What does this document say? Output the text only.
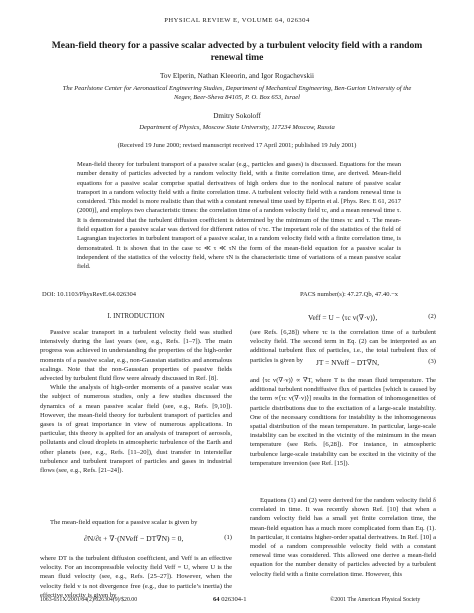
PHYSICAL REVIEW E, VOLUME 64, 026304
Mean-field theory for a passive scalar advected by a turbulent velocity field with a random renewal time
Tov Elperin, Nathan Kleeorin, and Igor Rogachevskii
The Pearlstone Center for Aeronautical Engineering Studies, Department of Mechanical Engineering, Ben-Gurion University of the Negev, Beer-Sheva 84105, P. O. Box 653, Israel
Dmitry Sokoloff
Department of Physics, Moscow State University, 117234 Moscow, Russia
(Received 19 June 2000; revised manuscript received 17 April 2001; published 19 July 2001)

Mean-field theory for turbulent transport of a passive scalar (e.g., particles and gases) is discussed. Equations for the mean number density of particles advected by a random velocity field, with a finite correlation time, are derived. Mean-field equations for a passive scalar comprise spatial derivatives of high orders due to the nonlocal nature of passive scalar transport in a random velocity field with a finite correlation time. A turbulent velocity field with a random renewal time is considered. This model is more realistic than that with a constant renewal time used by Elperin et al. [Phys. Rev. E 61, 2617 (2000)], and employs two characteristic times: the correlation time of a random velocity field τc, and a mean renewal time τ. It is demonstrated that the turbulent diffusion coefficient is determined by the minimum of the times τc and τ. The mean-field equation for a passive scalar was derived for different ratios of τ/τc. The important role of the statistics of the field of Lagrangian trajectories in turbulent transport of a passive scalar, in a random velocity field with a finite correlation time, is demonstrated. It is shown that in the case τc ≪ τ ≪ τN the form of the mean-field equation for a passive scalar is independent of the statistics of the velocity field, where τN is the characteristic time of variations of a mean passive scalar field.

DOI: 10.1103/PhysRevE.64.026304	PACS number(s): 47.27.Qb, 47.40.−x
I. INTRODUCTION

Passive scalar transport in a turbulent velocity field was studied intensively during the last years (see, e.g., Refs. [1–7]). The main progress was achieved in understanding the properties of the high-order moments of a passive scalar, e.g., non-Gaussian statistics and anomalous scalings. Note that the non-Gaussian properties of passive fields advected by turbulent fluid flow were already discussed in Ref. [8].

While the analysis of high-order moments of a passive scalar was the subject of numerous studies, only a few studies discussed the dynamics of a mean passive scalar field (see, e.g., Refs. [9,10]). However, the mean-field theory for turbulent transport of particles and gases is of great importance in view of numerous applications. In particular, this theory is applied for an analysis of transport of aerosols, pollutants and cloud droplets in atmospheric turbulence of the Earth and other planets (see, e.g., Refs. [11–20]), dust transfer in interstellar turbulence and turbulent transport of particles and gases in industrial flows (see, e.g., Refs. [21–24]).

The mean-field equation for a passive scalar is given by

∂N/∂t + ∇·(NVeff − DT∇N) = 0,	(1)

where DT is the turbulent diffusion coefficient, and Veff is an effective velocity. For an incompressible velocity field Veff = U, where U is the mean fluid velocity (see, e.g., Refs. [25–27]). However, when the velocity field v is not divergence free (e.g., due to particle’s inertia) the effective velocity is given by

Veff = U − ⟨τc v(∇·v)⟩,	(2)

(see Refs. [6,28]) where τc is the correlation time of a turbulent velocity field. The second term in Eq. (2) can be interpreted as an additional turbulent flux of particles, i.e., the total turbulent flux of particles is given by	JT = NVeff − DT∇N,	(3)

and ⟨τc v(∇·v)⟩ ∝ ∇T, where T is the mean fluid temperature. The additional turbulent nondiffusive flux of particles [which is caused by the term ∝⟨τc v(∇·v)⟩] results in the formation of inhomogeneities of particle distributions due to the excitation of a large-scale instability. One of the necessary conditions for instability is the inhomogeneous spatial distribution of the mean temperature. In particular, large-scale instability can be excited in the vicinity of the minimum in the mean temperature (see Refs. [6,28]). For instance, in atmospheric turbulence large-scale instability can be excited in the vicinity of the temperature inversion (see Ref. [15]).

Equations (1) and (2) were derived for the random velocity field δ correlated in time. It was recently shown Ref. [10] that when a random velocity field has a small yet finite correlation time, the mean-field equation has a much more complicated form than Eq. (1). In particular, it contains higher-order spatial derivatives. In Ref. [10] a model of a random compressible velocity field with a constant renewal time was considered. This allowed one derive a mean-field equation for the number density of particles advected by a turbulent velocity field with a finite correlation time. However, this

1063-651X/2001/64(2)/026304(9)/$20.00	64 026304-1	©2001 The American Physical Society
